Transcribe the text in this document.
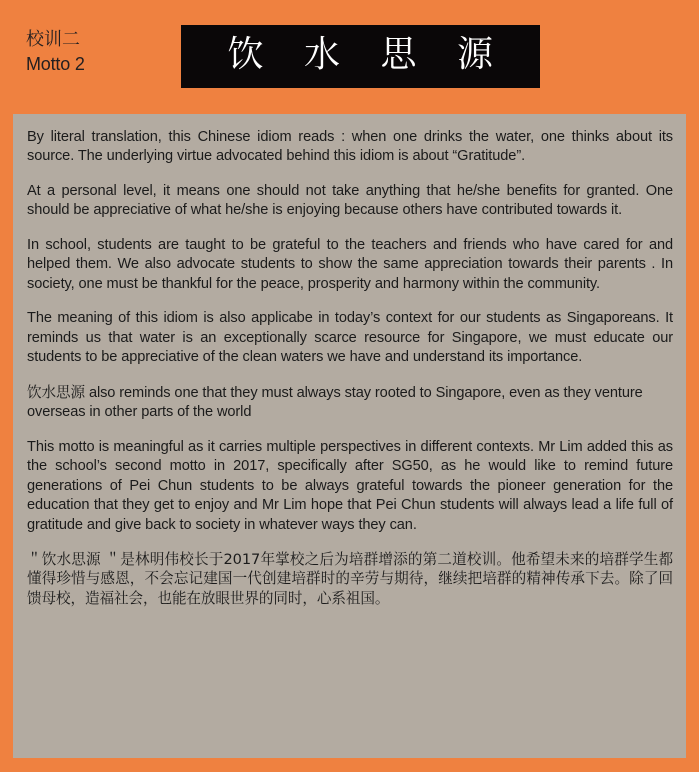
校训二
Motto 2	饮 水 思 源

By literal translation, this Chinese idiom reads : when one drinks the water, one thinks about its source. The underlying virtue advocated behind this idiom is about “Gratitude”.

At a personal level, it means one should not take anything that he/she benefits for granted. One should be appreciative of what he/she is enjoying because others have contributed towards it.

In school, students are taught to be grateful to the teachers and friends who have cared for and helped them. We also advocate students to show the same appreciation towards their parents . In society, one must be thankful for the peace, prosperity and harmony within the community.

The meaning of this idiom is also applicabe in today’s context for our students as Singaporeans. It reminds us that water is an exceptionally scarce resource for Singapore, we must educate our students to be appreciative of the clean waters we have and understand its importance.

饮水思源 also reminds one that they must always stay rooted to Singapore, even as they venture overseas in other parts of the world

This motto is meaningful as it carries multiple perspectives in different contexts. Mr Lim added this as the school’s second motto in 2017, specifically after SG50, as he would like to remind future generations of Pei Chun students to be always grateful towards the pioneer generation for the education that they get to enjoy and Mr Lim hope that Pei Chun students will always lead a life full of gratitude and give back to society in whatever ways they can.

＂饮水思源 ＂是林明伟校长于2017年掌校之后为培群增添的第二道校训。他希望未来的培群学生都懂得珍惜与感恩，不会忘记建国一代创建培群时的辛劳与期待，继续把培群的精神传承下去。除了回馈母校，造福社会，也能在放眼世界的同时，心系祖国。
